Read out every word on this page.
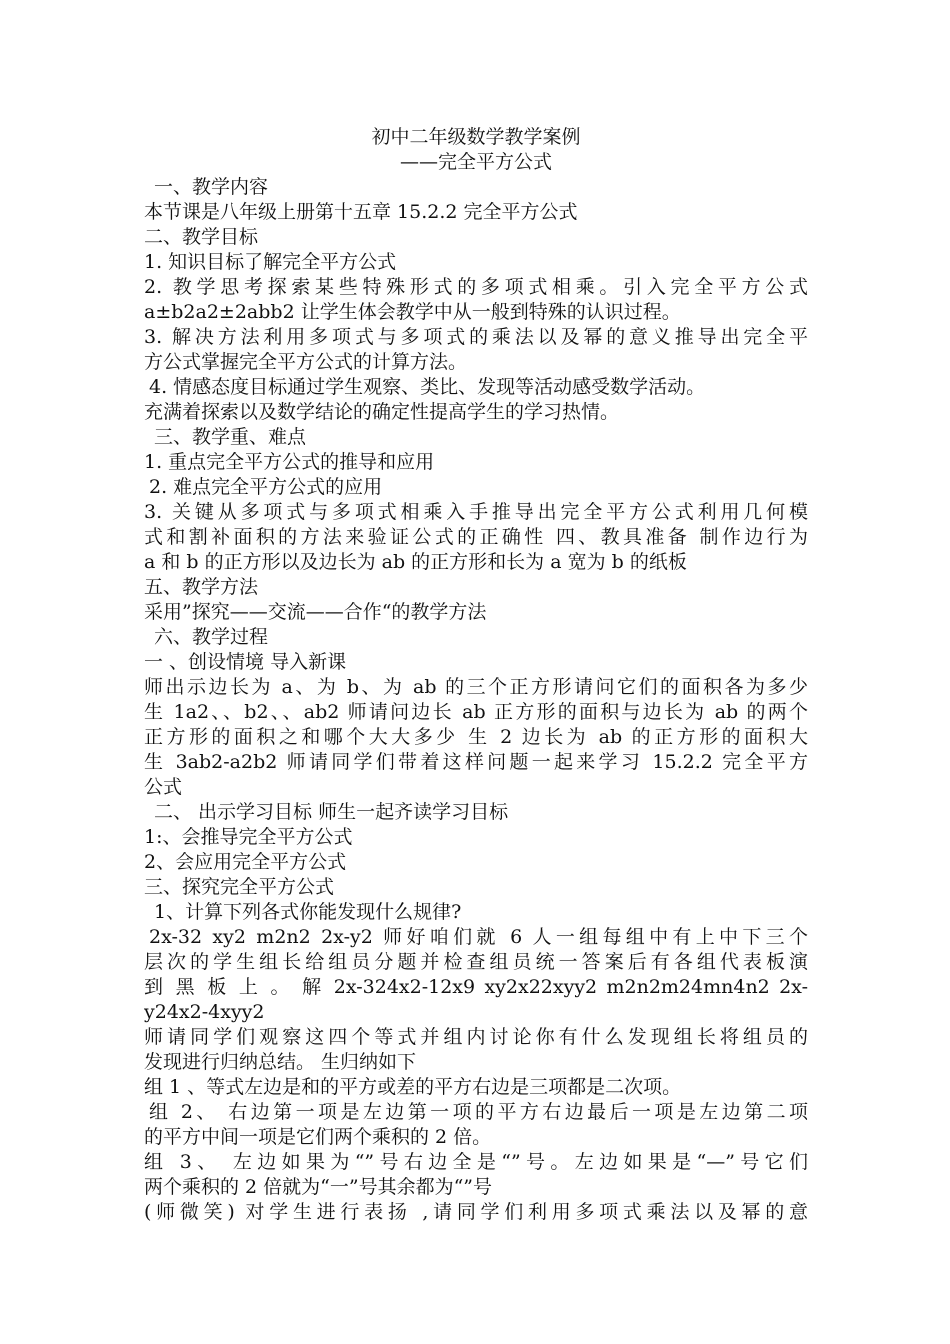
初中二年级数学教学案例
——完全平方公式
一、教学内容
本节课是八年级上册第十五章 15.2.2 完全平方公式
二、教学目标
1. 知识目标了解完全平方公式
2. 教学思考探索某些特殊形式的多项式相乘。引入完全平方公式
a±b2a2±2abb2 让学生体会教学中从一般到特殊的认识过程。
3. 解决方法利用多项式与多项式的乘法以及幂的意义推导出完全平
方公式掌握完全平方公式的计算方法。
4. 情感态度目标通过学生观察、类比、发现等活动感受数学活动。
充满着探索以及数学结论的确定性提高学生的学习热情。
三、教学重、难点
1. 重点完全平方公式的推导和应用
2. 难点完全平方公式的应用
3. 关键从多项式与多项式相乘入手推导出完全平方公式利用几何模
式和割补面积的方法来验证公式的正确性 四、教具准备 制作边行为
a 和 b 的正方形以及边长为 ab 的正方形和长为 a 宽为 b 的纸板
五、教学方法
采用”探究——交流——合作“的教学方法
六、教学过程
一 、创设情境 导入新课
师出示边长为 a、为 b、为 ab 的三个正方形请问它们的面积各为多少
生 1a2、、b2、、ab2 师请问边长 ab 正方形的面积与边长为 ab 的两个
正方形的面积之和哪个大大多少 生 2 边长为 ab 的正方形的面积大
生 3ab2-a2b2 师请同学们带着这样问题一起来学习 15.2.2 完全平方
公式
二、 出示学习目标 师生一起齐读学习目标
1:、会推导完全平方公式
2、会应用完全平方公式
三、探究完全平方公式
1、计算下列各式你能发现什么规律?
2x-32 xy2 m2n2 2x-y2 师好咱们就 6 人一组每组中有上中下三个
层次的学生组长给组员分题并检查组员统一答案后有各组代表板演
到 黑 板 上 。 解 2x-324x2-12x9 xy2x22xyy2 m2n2m24mn4n2 2x-
y24x2-4xyy2
师请同学们观察这四个等式并组内讨论你有什么发现组长将组员的
发现进行归纳总结。 生归纳如下
组 1 、等式左边是和的平方或差的平方右边是三项都是二次项。
组 2、 右边第一项是左边第一项的平方右边最后一项是左边第二项
的平方中间一项是它们两个乘积的 2 倍。
组 3、 左边如果为“”号右边全是“”号。左边如果是“—”号它们
两个乘积的 2 倍就为“一”号其余都为“”号
(师微笑) 对学生进行表扬 ,请同学们利用多项式乘法以及幂的意
